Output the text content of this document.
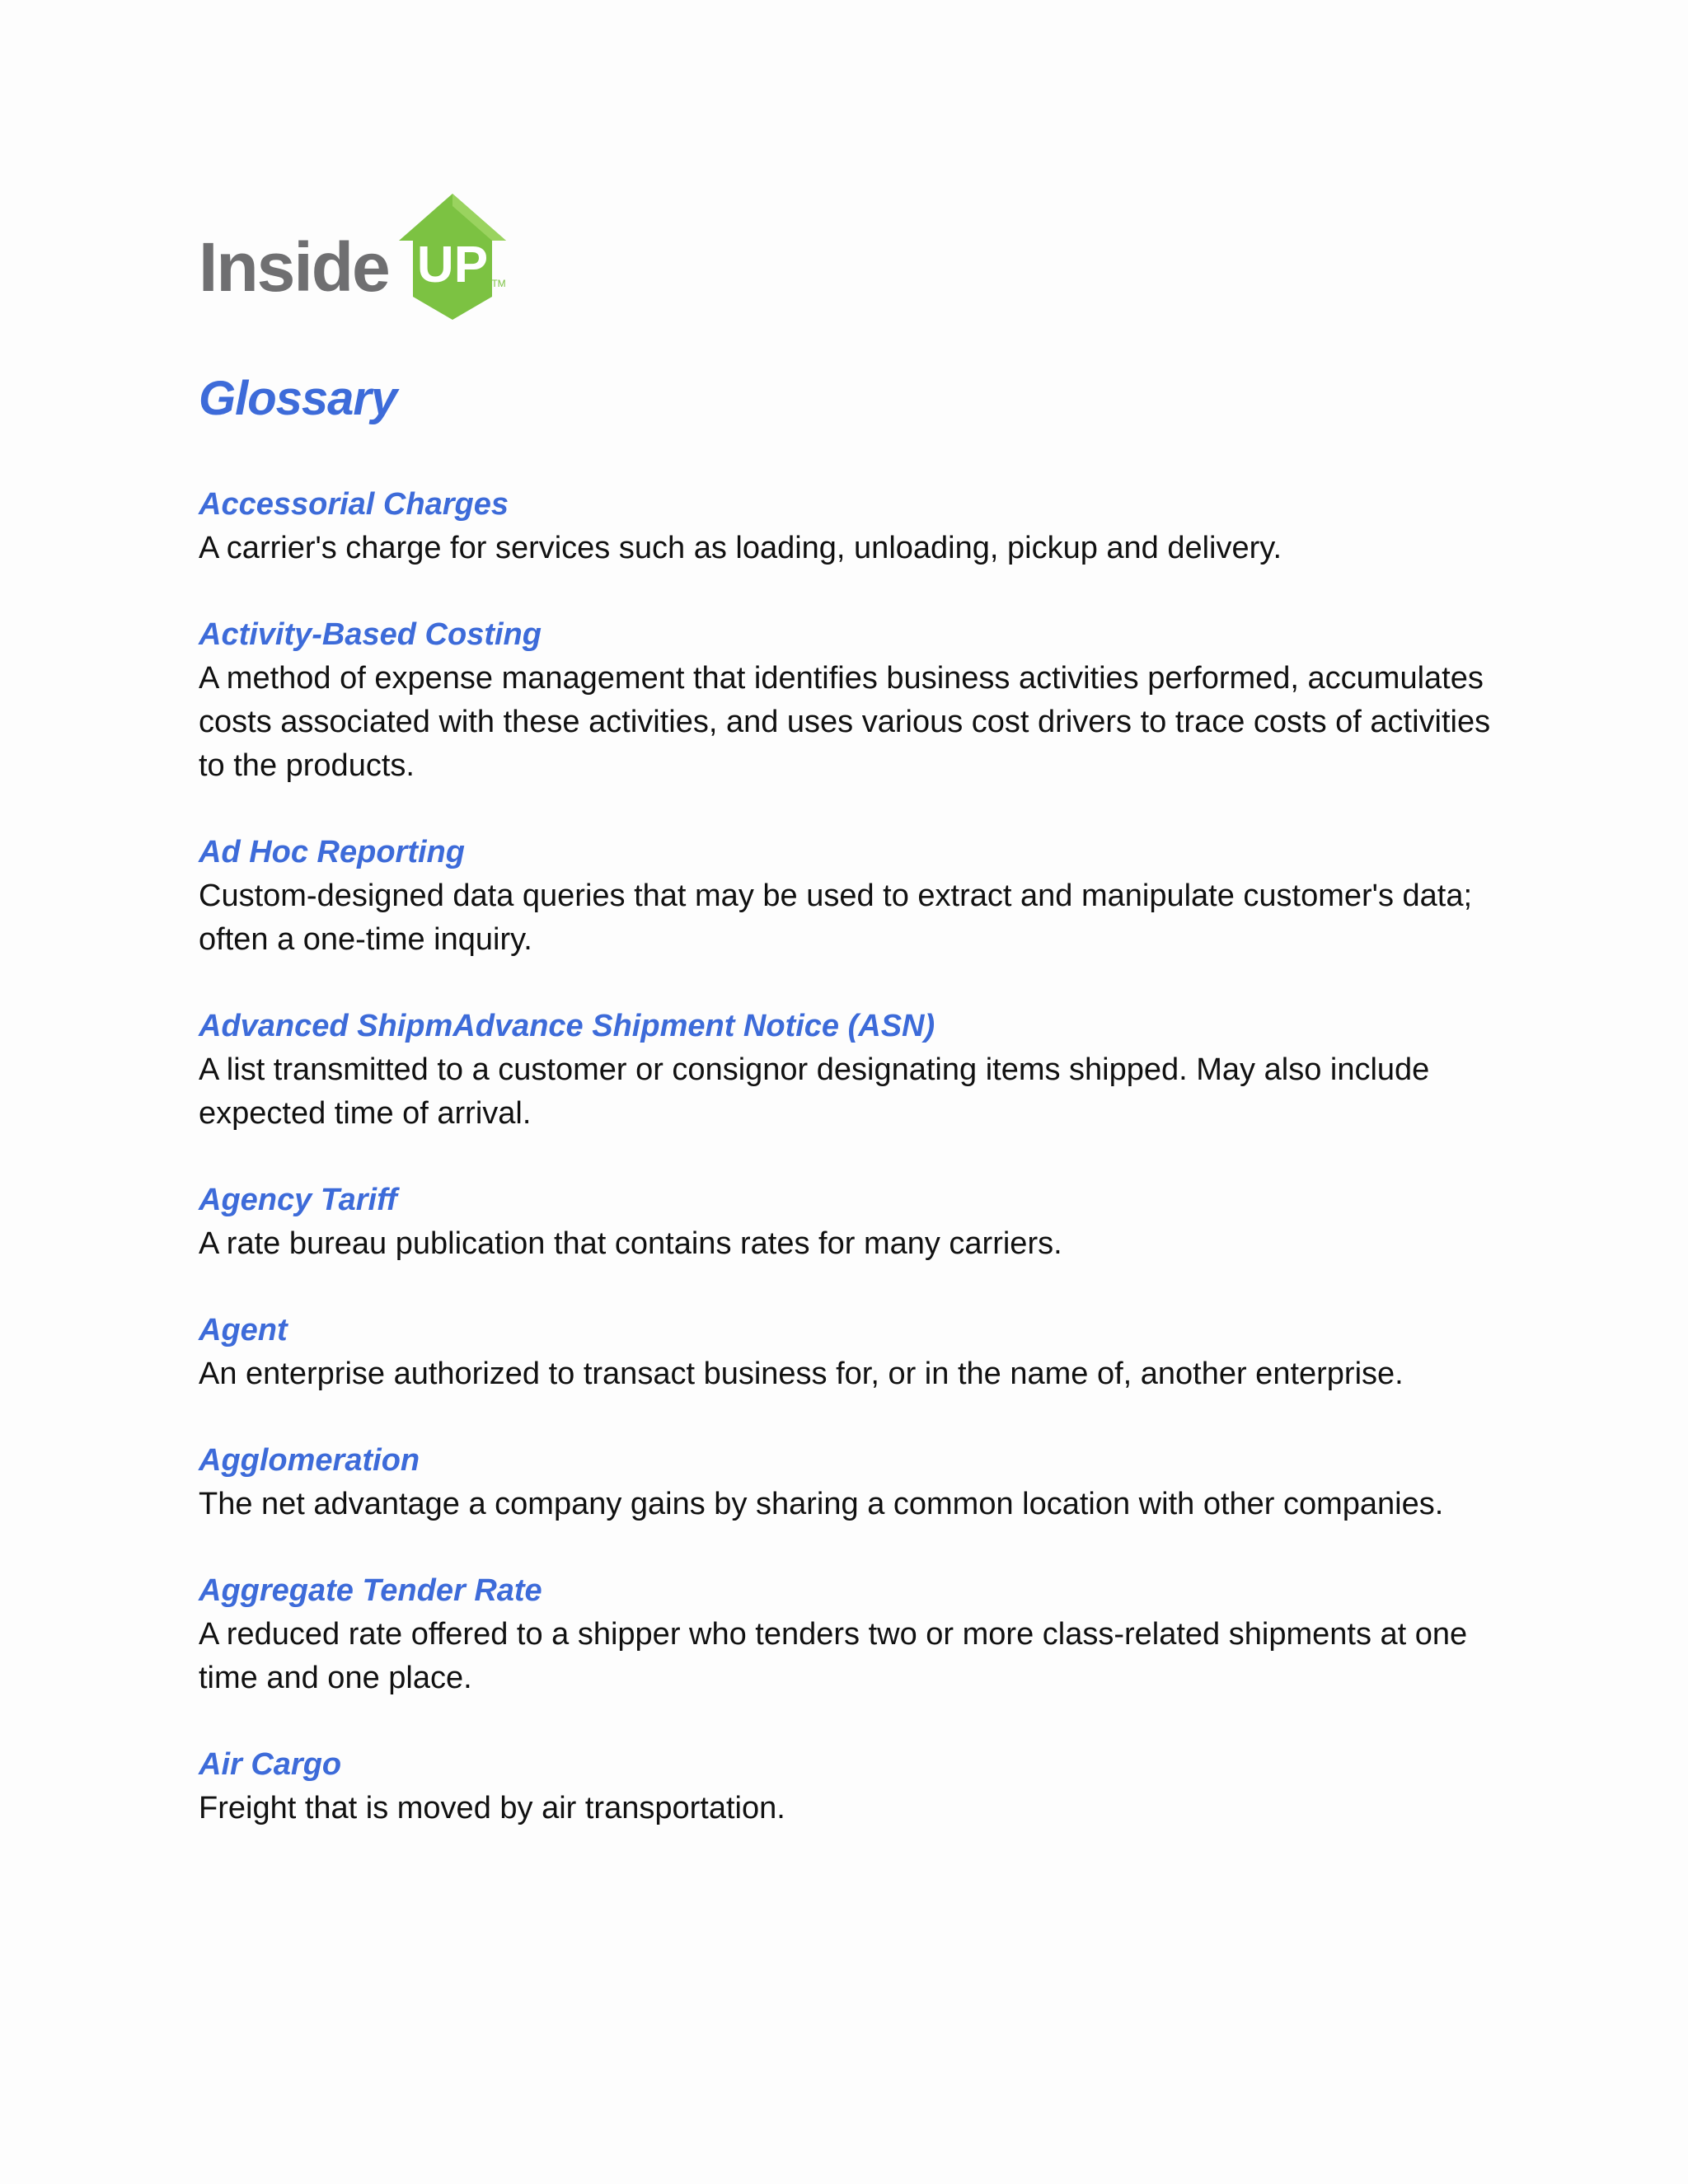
Inside UP TM
Glossary

Accessorial Charges

A carrier's charge for services such as loading, unloading, pickup and delivery.

Activity-Based Costing

A method of expense management that identifies business activities performed, accumulates costs associated with these activities, and uses various cost drivers to trace costs of activities to the products.

Ad Hoc Reporting

Custom-designed data queries that may be used to extract and manipulate customer's data; often a one-time inquiry.

Advanced ShipmAdvance Shipment Notice (ASN)

A list transmitted to a customer or consignor designating items shipped. May also include expected time of arrival.

Agency Tariff

A rate bureau publication that contains rates for many carriers.

Agent

An enterprise authorized to transact business for, or in the name of, another enterprise.

Agglomeration

The net advantage a company gains by sharing a common location with other companies.

Aggregate Tender Rate

A reduced rate offered to a shipper who tenders two or more class-related shipments at one time and one place.

Air Cargo

Freight that is moved by air transportation.
